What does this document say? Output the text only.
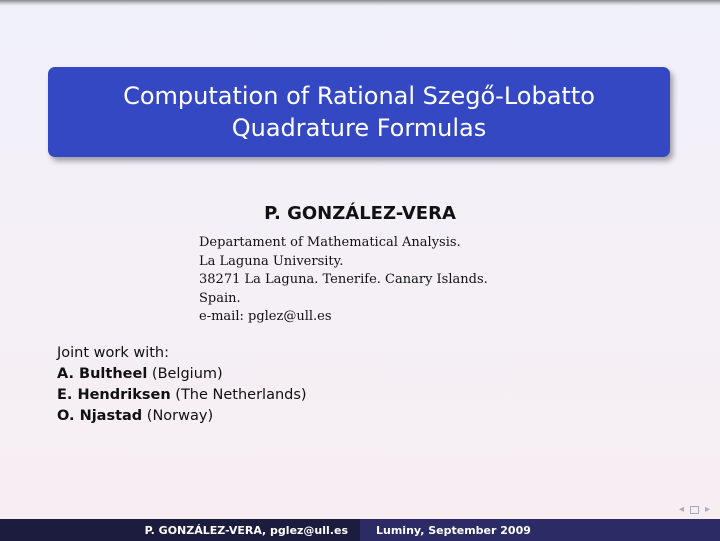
Computation of Rational Szegő-Lobatto
Quadrature Formulas
P. GONZÁLEZ-VERA
Departament of Mathematical Analysis.
La Laguna University.
38271 La Laguna. Tenerife. Canary Islands.
Spain.
e-mail: pglez@ull.es
Joint work with:
A. Bultheel (Belgium)
E. Hendriksen (The Netherlands)
O. Njastad (Norway)
◂ ▸
P. GONZÁLEZ-VERA, pglez@ull.es	Luminy, September 2009
